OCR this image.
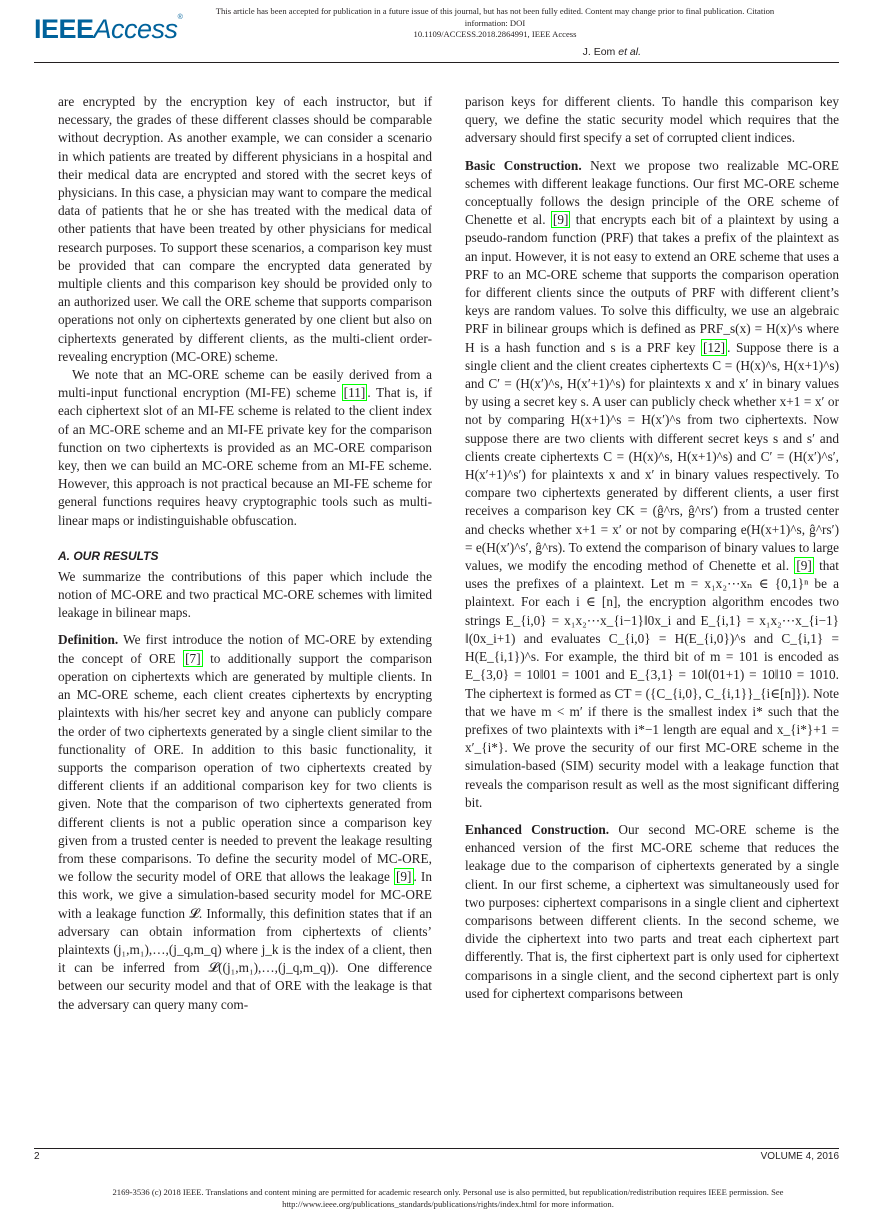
This article has been accepted for publication in a future issue of this journal, but has not been fully edited. Content may change prior to final publication. Citation information: DOI
10.1109/ACCESS.2018.2864991, IEEE Access
IEEEAccess®
J. Eom et al.

are encrypted by the encryption key of each instructor, but if necessary, the grades of these different classes should be comparable without decryption. As another example, we can consider a scenario in which patients are treated by different physicians in a hospital and their medical data are encrypted and stored with the secret keys of physicians. In this case, a physician may want to compare the medical data of patients that he or she has treated with the medical data of other patients that have been treated by other physicians for medical research purposes. To support these scenarios, a comparison key must be provided that can compare the encrypted data generated by multiple clients and this comparison key should be provided only to an authorized user. We call the ORE scheme that supports comparison operations not only on ciphertexts generated by one client but also on ciphertexts generated by different clients, as the multi-client order-revealing encryption (MC-ORE) scheme.

We note that an MC-ORE scheme can be easily derived from a multi-input functional encryption (MI-FE) scheme [11] . That is, if each ciphertext slot of an MI-FE scheme is related to the client index of an MC-ORE scheme and an MI-FE private key for the comparison function on two ciphertexts is provided as an MC-ORE comparison key, then we can build an MC-ORE scheme from an MI-FE scheme. However, this approach is not practical because an MI-FE scheme for general functions requires heavy cryptographic tools such as multi-linear maps or indistinguishable obfuscation.

A. OUR RESULTS

We summarize the contributions of this paper which include the notion of MC-ORE and two practical MC-ORE schemes with limited leakage in bilinear maps.

Definition. We first introduce the notion of MC-ORE by extending the concept of ORE [7] to additionally support the comparison operation on ciphertexts which are generated by multiple clients. In an MC-ORE scheme, each client creates ciphertexts by encrypting plaintexts with his/her secret key and anyone can publicly compare the order of two ciphertexts generated by a single client similar to the functionality of ORE. In addition to this basic functionality, it supports the comparison operation of two ciphertexts created by different clients if an additional comparison key for two clients is given. Note that the comparison of two ciphertexts generated from different clients is not a public operation since a comparison key given from a trusted center is needed to prevent the leakage resulting from these comparisons. To define the security model of MC-ORE, we follow the security model of ORE that allows the leakage [9] . In this work, we give a simulation-based security model for MC-ORE with a leakage function 𝓛. Informally, this definition states that if an adversary can obtain information from ciphertexts of clients’ plaintexts (j₁,m₁),…,(j_q,m_q) where j_k is the index of a client, then it can be inferred from 𝓛((j₁,m₁),…,(j_q,m_q)). One difference between our security model and that of ORE with the leakage is that the adversary can query many com-

parison keys for different clients. To handle this comparison key query, we define the static security model which requires that the adversary should first specify a set of corrupted client indices.

Basic Construction. Next we propose two realizable MC-ORE schemes with different leakage functions. Our first MC-ORE scheme conceptually follows the design principle of the ORE scheme of Chenette et al. [9] that encrypts each bit of a plaintext by using a pseudo-random function (PRF) that takes a prefix of the plaintext as an input. However, it is not easy to extend an ORE scheme that uses a PRF to an MC-ORE scheme that supports the comparison operation for different clients since the outputs of PRF with different client’s keys are random values. To solve this difficulty, we use an algebraic PRF in bilinear groups which is defined as PRF_s(x) = H(x)^s where H is a hash function and s is a PRF key [12] . Suppose there is a single client and the client creates ciphertexts C = (H(x)^s, H(x+1)^s) and C′ = (H(x′)^s, H(x′+1)^s) for plaintexts x and x′ in binary values by using a secret key s. A user can publicly check whether x+1 = x′ or not by comparing H(x+1)^s = H(x′)^s from two ciphertexts. Now suppose there are two clients with different secret keys s and s′ and clients create ciphertexts C = (H(x)^s, H(x+1)^s) and C′ = (H(x′)^s′, H(x′+1)^s′) for plaintexts x and x′ in binary values respectively. To compare two ciphertexts generated by different clients, a user first receives a comparison key CK = (ĝ^rs, ĝ^rs′) from a trusted center and checks whether x+1 = x′ or not by comparing e(H(x+1)^s, ĝ^rs′) = e(H(x′)^s′, ĝ^rs). To extend the comparison of binary values to large values, we modify the encoding method of Chenette et al. [9] that uses the prefixes of a plaintext. Let m = x₁x₂⋯xₙ ∈ {0,1}ⁿ be a plaintext. For each i ∈ [n], the encryption algorithm encodes two strings E_{i,0} = x₁x₂⋯x_{i−1}‖0x_i and E_{i,1} = x₁x₂⋯x_{i−1}‖(0x_i+1) and evaluates C_{i,0} = H(E_{i,0})^s and C_{i,1} = H(E_{i,1})^s. For example, the third bit of m = 101 is encoded as E_{3,0} = 10‖01 = 1001 and E_{3,1} = 10‖(01+1) = 10‖10 = 1010. The ciphertext is formed as CT = ({C_{i,0}, C_{i,1}}_{i∈[n]}). Note that we have m < m′ if there is the smallest index i* such that the prefixes of two plaintexts with i*−1 length are equal and x_{i*}+1 = x′_{i*}. We prove the security of our first MC-ORE scheme in the simulation-based (SIM) security model with a leakage function that reveals the comparison result as well as the most significant differing bit.

Enhanced Construction. Our second MC-ORE scheme is the enhanced version of the first MC-ORE scheme that reduces the leakage due to the comparison of ciphertexts generated by a single client. In our first scheme, a ciphertext was simultaneously used for two purposes: ciphertext comparisons in a single client and ciphertext comparisons between different clients. In the second scheme, we divide the ciphertext into two parts and treat each ciphertext part differently. That is, the first ciphertext part is only used for ciphertext comparisons in a single client, and the second ciphertext part is only used for ciphertext comparisons between

2	VOLUME 4, 2016
2169-3536 (c) 2018 IEEE. Translations and content mining are permitted for academic research only. Personal use is also permitted, but republication/redistribution requires IEEE permission. See
http://www.ieee.org/publications_standards/publications/rights/index.html for more information.
